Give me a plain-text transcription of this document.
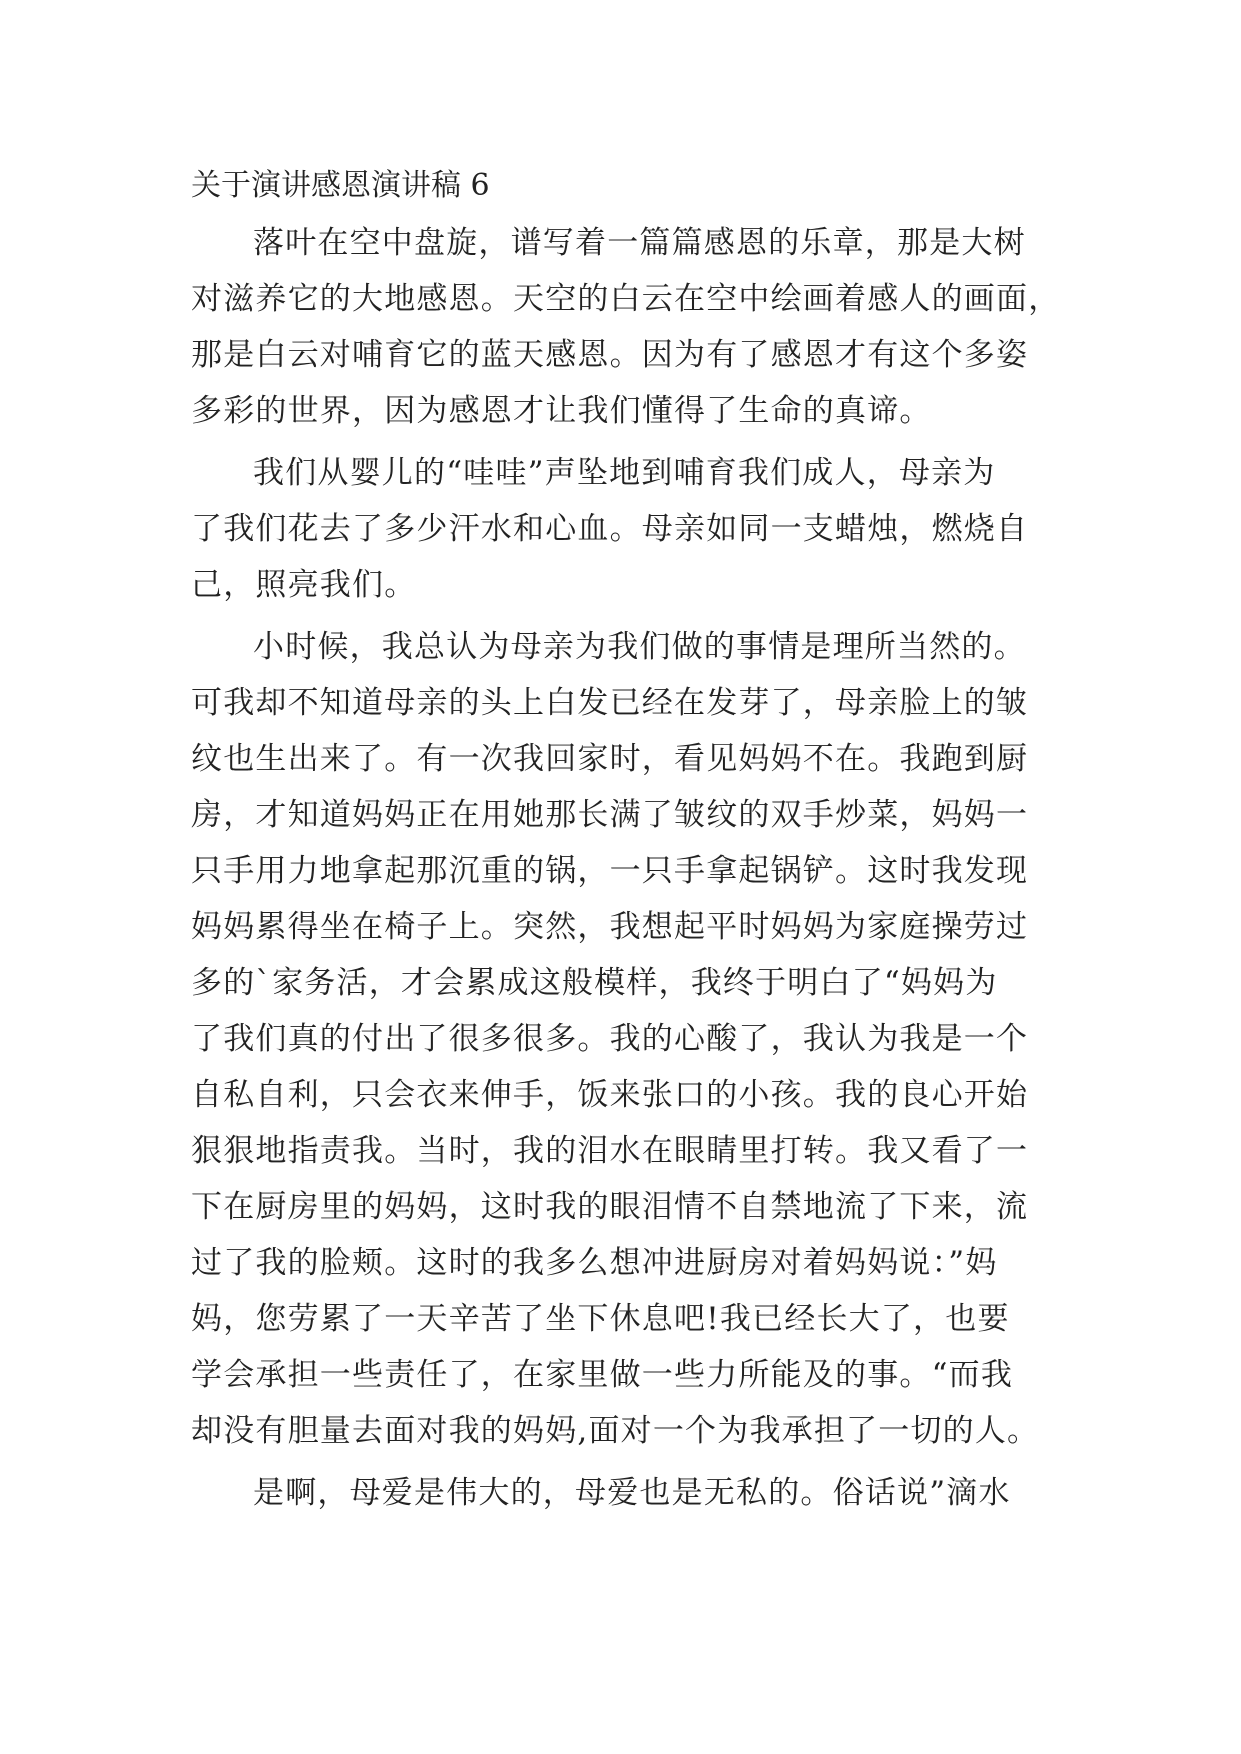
关于演讲感恩演讲稿 6
落叶在空中盘旋，谱写着一篇篇感恩的乐章，那是大树
对滋养它的大地感恩。天空的白云在空中绘画着感人的画面，
那是白云对哺育它的蓝天感恩。因为有了感恩才有这个多姿
多彩的世界，因为感恩才让我们懂得了生命的真谛。
我们从婴儿的“哇哇”声坠地到哺育我们成人，母亲为
了我们花去了多少汗水和心血。母亲如同一支蜡烛，燃烧自
己，照亮我们。
小时候，我总认为母亲为我们做的事情是理所当然的。
可我却不知道母亲的头上白发已经在发芽了，母亲脸上的皱
纹也生出来了。有一次我回家时，看见妈妈不在。我跑到厨
房，才知道妈妈正在用她那长满了皱纹的双手炒菜，妈妈一
只手用力地拿起那沉重的锅，一只手拿起锅铲。这时我发现
妈妈累得坐在椅子上。突然，我想起平时妈妈为家庭操劳过
多的`家务活，才会累成这般模样，我终于明白了“妈妈为
了我们真的付出了很多很多。我的心酸了，我认为我是一个
自私自利，只会衣来伸手，饭来张口的小孩。我的良心开始
狠狠地指责我。当时，我的泪水在眼睛里打转。我又看了一
下在厨房里的妈妈，这时我的眼泪情不自禁地流了下来，流
过了我的脸颊。这时的我多么想冲进厨房对着妈妈说：”妈
妈，您劳累了一天辛苦了坐下休息吧!我已经长大了，也要
学会承担一些责任了，在家里做一些力所能及的事。“而我
却没有胆量去面对我的妈妈,面对一个为我承担了一切的人。
是啊，母爱是伟大的，母爱也是无私的。俗话说”滴水
